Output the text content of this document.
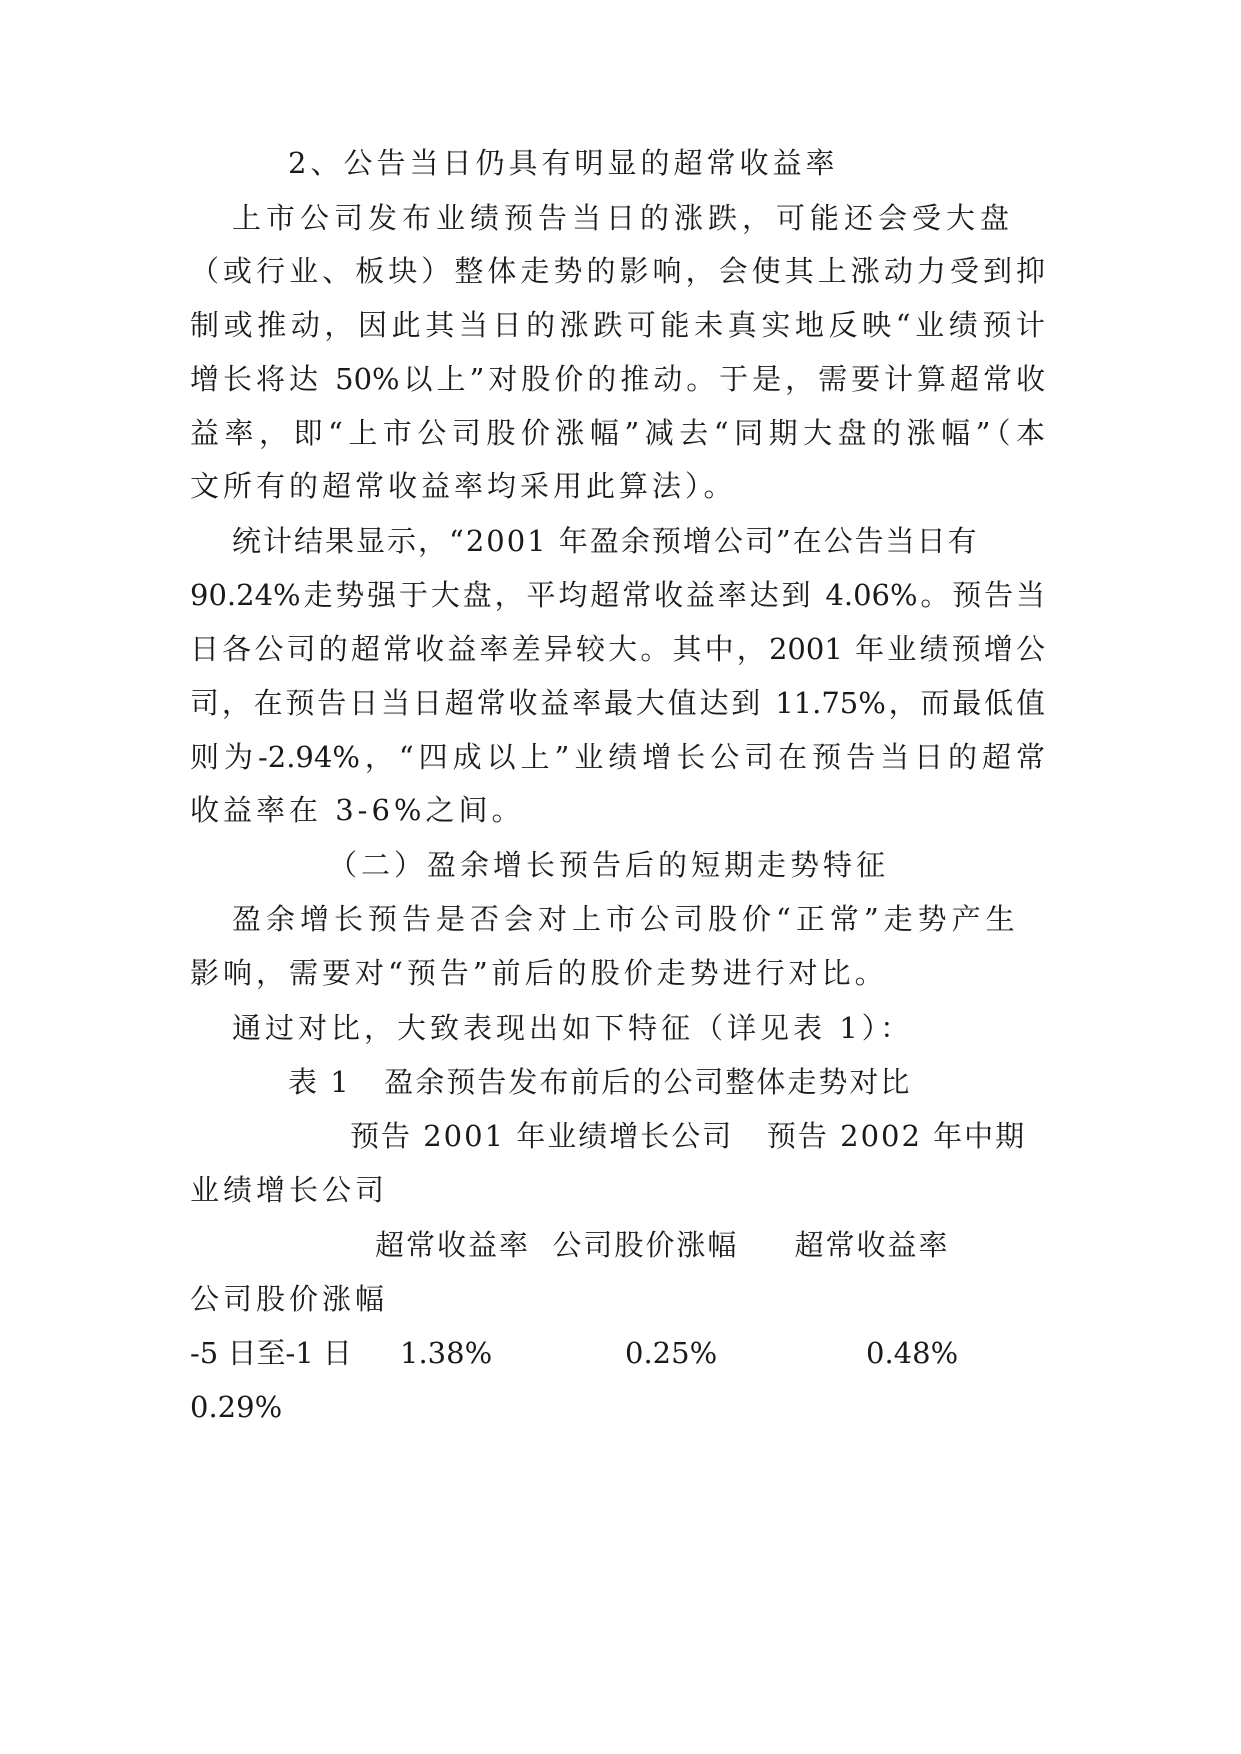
2、公告当日仍具有明显的超常收益率
上市公司发布业绩预告当日的涨跌，可能还会受大盘
（或行业、板块）整体走势的影响，会使其上涨动力受到抑
制或推动，因此其当日的涨跌可能未真实地反映“业绩预计
增长将达 50%以上”对股价的推动。于是，需要计算超常收
益率，即“上市公司股价涨幅”减去“同期大盘的涨幅”（本
文所有的超常收益率均采用此算法）。
统计结果显示，“2001 年盈余预增公司”在公告当日有
90.24%走势强于大盘，平均超常收益率达到 4.06%。预告当
日各公司的超常收益率差异较大。其中，2001 年业绩预增公
司，在预告日当日超常收益率最大值达到 11.75%，而最低值
则为-2.94%，“四成以上”业绩增长公司在预告当日的超常
收益率在 3-6%之间。
（二）盈余增长预告后的短期走势特征
盈余增长预告是否会对上市公司股价“正常”走势产生
影响，需要对“预告”前后的股价走势进行对比。
通过对比，大致表现出如下特征（详见表 1）：
表 1   盈余预告发布前后的公司整体走势对比
预告 2001 年业绩增长公司   预告 2002 年中期
业绩增长公司
超常收益率  公司股价涨幅     超常收益率
公司股价涨幅
-5 日至-1 日 1.38%	0.25%	0.48%
0.29%
